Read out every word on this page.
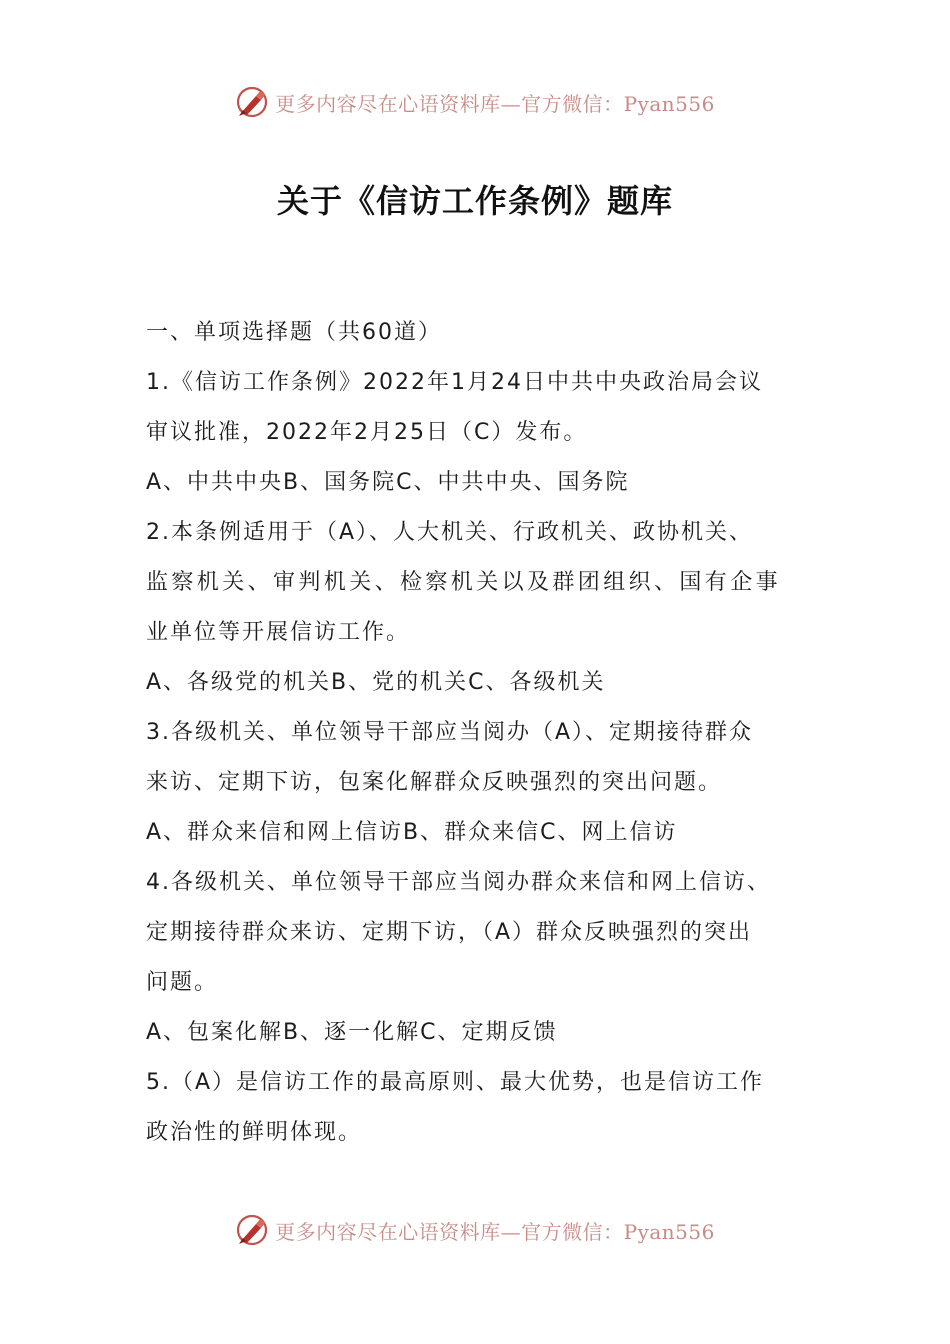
更多内容尽在心语资料库—官方微信：Pyan556
关于《信访工作条例》题库
一、单项选择题（共60道）
1.《信访工作条例》2022年1月24日中共中央政治局会议
审议批准，2022年2月25日（C）发布。
A、中共中央B、国务院C、中共中央、国务院
2.本条例适用于（A）、人大机关、行政机关、政协机关、
监察机关、审判机关、检察机关以及群团组织、国有企事
业单位等开展信访工作。
A、各级党的机关B、党的机关C、各级机关
3.各级机关、单位领导干部应当阅办（A）、定期接待群众
来访、定期下访，包案化解群众反映强烈的突出问题。
A、群众来信和网上信访B、群众来信C、网上信访
4.各级机关、单位领导干部应当阅办群众来信和网上信访、
定期接待群众来访、定期下访，（A）群众反映强烈的突出
问题。
A、包案化解B、逐一化解C、定期反馈
5.（A）是信访工作的最高原则、最大优势，也是信访工作
政治性的鲜明体现。
更多内容尽在心语资料库—官方微信：Pyan556
